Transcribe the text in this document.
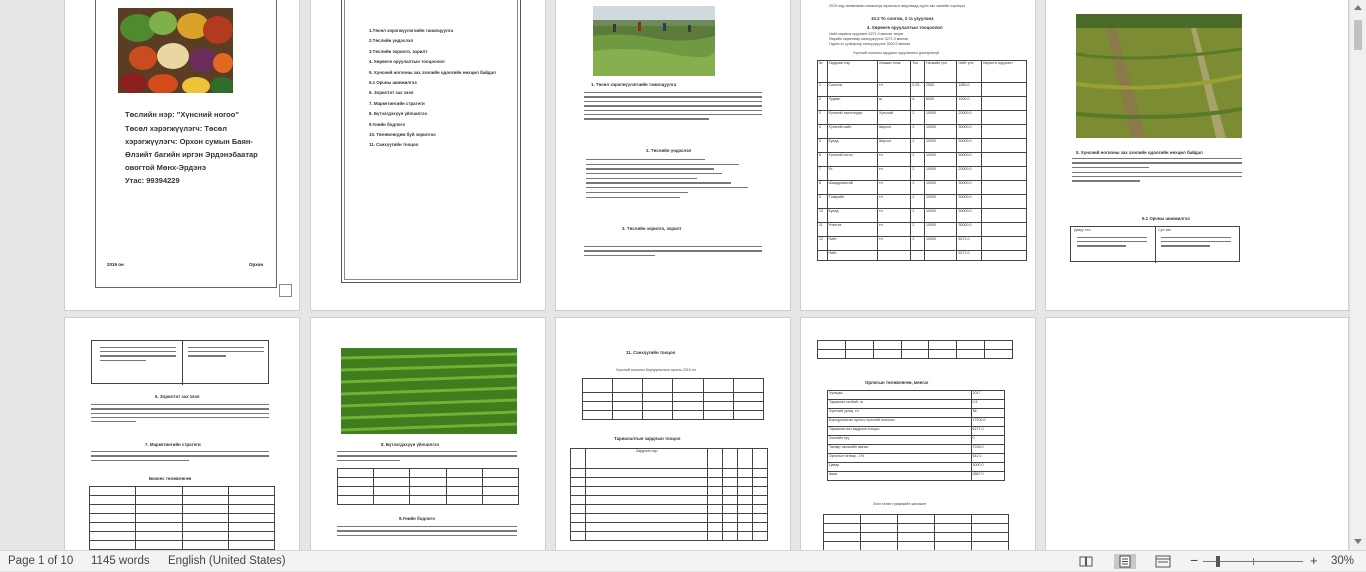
Төслийн нэр: "Хүнсний ногоо"
Төсөл хэрэгжүүлэгч: Төсөл
хэрэгжүүлэгч: Орхон сумын Баян-
Өлзийт багийн иргэн Эрдэнэбаатар
овогтой Мөнх-Эрдэнэ
Утас: 99394229
2019 он	Орхон
1.Төсөл хэрэгжүүлэгчийн танилцуулга
2.Төслийн үндэслэл
3.Төслийн зорилго, зорилт
4. Хөрөнгө оруулалтын тооцоолол
5. Хүнсний ногооны зах зээлийн одоогийн нөхцөл байдал
5.1 Орчны шинжилгээ
6. Зорилтот зах зээл
7. Маркетингийн стратеги
8. Бүтээгдэхүүн үйлчилгээ
9.Үнийн бодлого
10. Төлөвлөгдөж буй зорилгоо
11. Санхүүгийн тооцоо
1. Төсөл хэрэгжүүлэгчийн танилцуулга
2. Төслийн үндэслэл
3. Төслийн зорилго, зорилт
2019 онд төлөвлөсөн хэмжээнд тариалалт явуулахад хүрэх зах зээлийн хэрэгцээ
10.2 То сонгож, 2 га узууланэ
4. Хөрөнгө оруулалтын тооцоолол
Нийт хөрөнгө оруулалт 6271.0 мянган төгрөг
Өөрийн хөрөнгөөр санхүүжүүлэх 3271.0 мянган
Гадны эх үүсвэрээр санхүүжүүлэх 3000.0 мянган
Хүнсний ногооны зардлын оруулалтын дэлгэрэнгүй
№	Зардлын нэр	Хэмжих нэгж	Тоо	Нэгжийн үнэ	Нийт үнэ	Хөрөнгө оруулалт
1	Сонгино	тн	0.25	2500	1650.0	
2	Лууван	ш	8	6000	1500.0	
3	Хүнсний талстэлдэр	Хүнсний	2	10000	20000.0	
4	Хүнсний сайн	Ширхэг	2	10000	30000.0	
5	Бусад	Ширхэг	2	10000	30000.0	
6	Хүнсний ногоо	тн	2	10000	50000.0	
7	Ус	тн	2	10000	20000.0	
8	Шаардлагатай	тн	2	10000	30000.0	
9	Тээврийн	тн	2	10000	30000.0	
10	Бусад	тн	2	10000	30000.0	
11	Үнэлгээ	тн	2	10000	30000.0	
12	Нийт	тн	2	10000	6271.0	
	Нийт				6271.0	
5. Хүнсний ногооны зах зээлийн одоогийн нөхцөл байдал
5.1 Орчны шинжилгээ
Давуу тал	Сул тал
6. Зорилтот зах зээл
7. Маркетингийн стратеги
Бизнес төлөвлөгөө

8. Бүтээгдэхүүн үйлчилгээ

9.Үнийн бодлого
11. Санхүүгийн тооцоо
Хүнсний ногооны борлуулалтын орлого 2019 он

Тариалалтын зардлын тооцоо
	Зардлын нэр				

Орлогын төлөвлөгөө, мянгаг
Хугацаа	2017
Тариалах талбай, га	0.5
Хүнсний ургац, тн	38
Борлуулалтын орлого хүнсний ногооны	17200.0
Тариалалтын зардлын тооцоо	6271.0
Зээлийн хүү	0
Татвар төлөхийн өмнөх	7228.0
Орлогын татвар - 1%	542.0
Цэвэр	3000.0
Ашиг	2867.0
Зээл төлөх графикийн жагсаалт

Page 1 of 10 1145 words English (United States)	−	+ 30%
